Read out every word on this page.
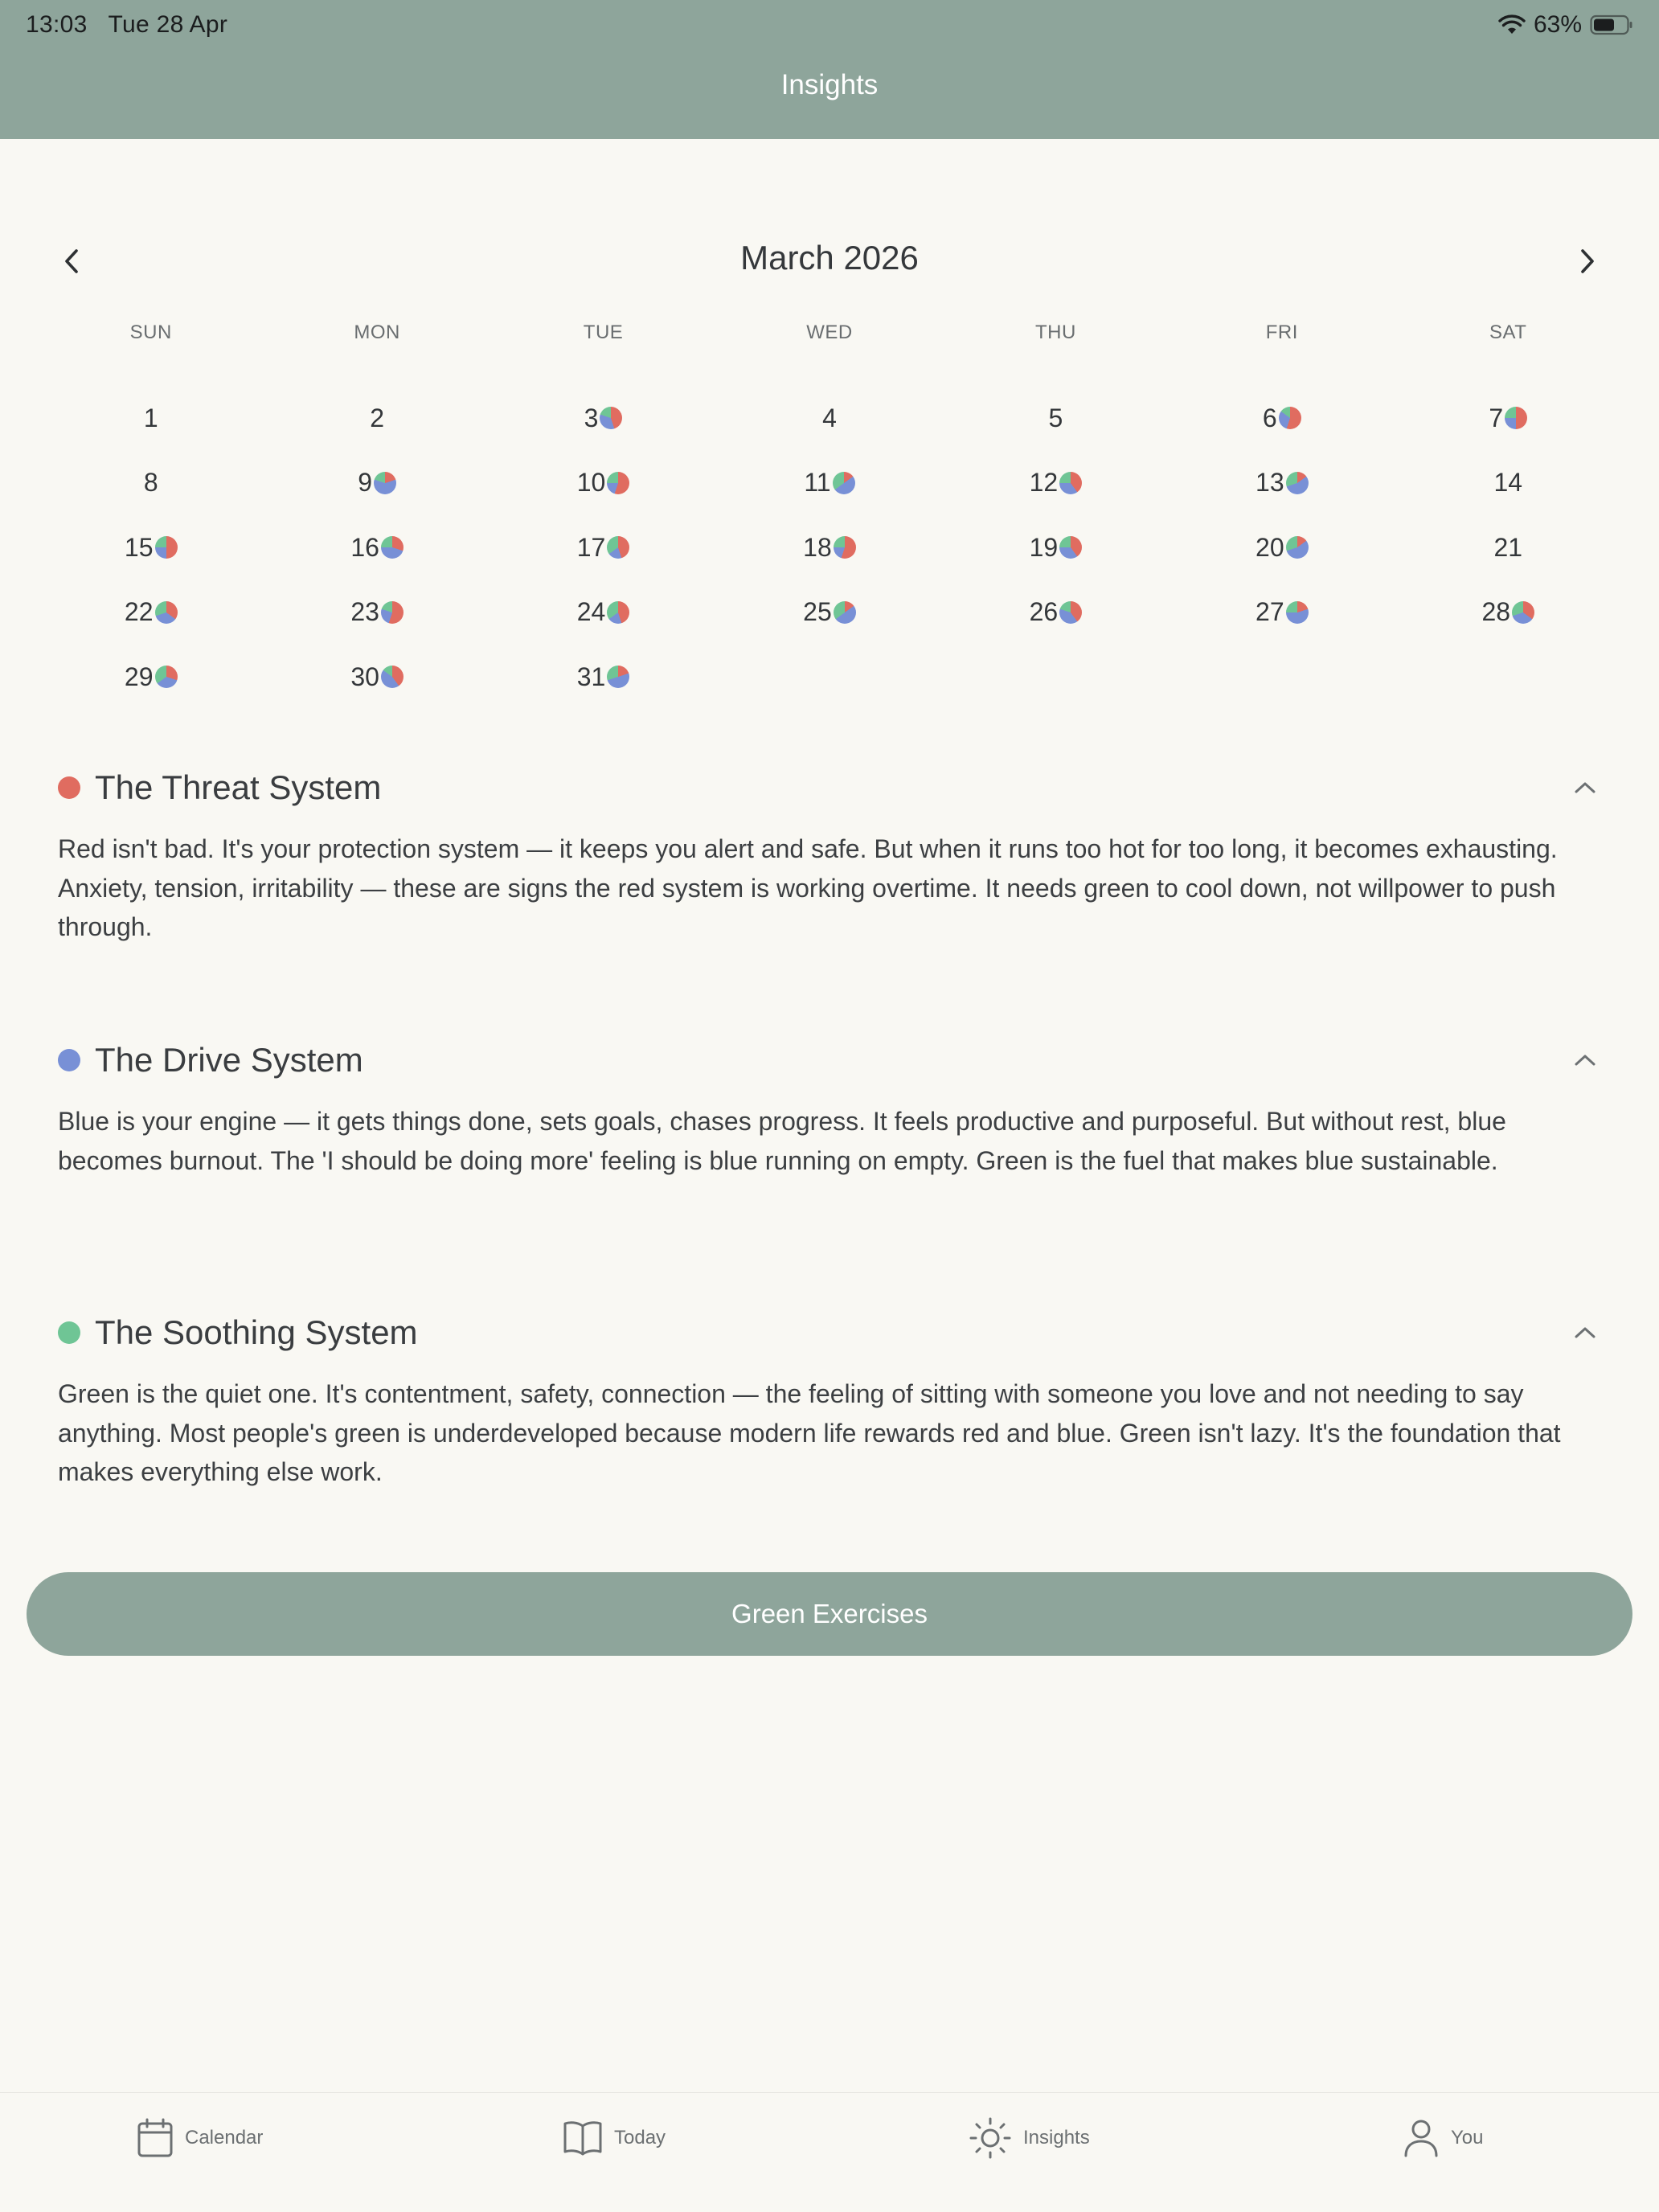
13:03 Tue 28 Apr	63%
Insights
March 2026
SUN	MON	TUE	WED	THU	FRI	SAT
1	2	3	4	5	6	7
8	9	10	11	12	13	14
15	16	17	18	19	20	21
22	23	24	25	26	27	28
29	30	31
The Threat System
Red isn't bad. It's your protection system — it keeps you alert and safe. But when it runs too hot for too long, it becomes exhausting. Anxiety, tension, irritability — these are signs the red system is working overtime. It needs green to cool down, not willpower to push through.
The Drive System
Blue is your engine — it gets things done, sets goals, chases progress. It feels productive and purposeful. But without rest, blue becomes burnout. The 'I should be doing more' feeling is blue running on empty. Green is the fuel that makes blue sustainable.
The Soothing System
Green is the quiet one. It's contentment, safety, connection — the feeling of sitting with someone you love and not needing to say anything. Most people's green is underdeveloped because modern life rewards red and blue. Green isn't lazy. It's the foundation that makes everything else work.
Green Exercises
Calendar	Today	Insights	You
